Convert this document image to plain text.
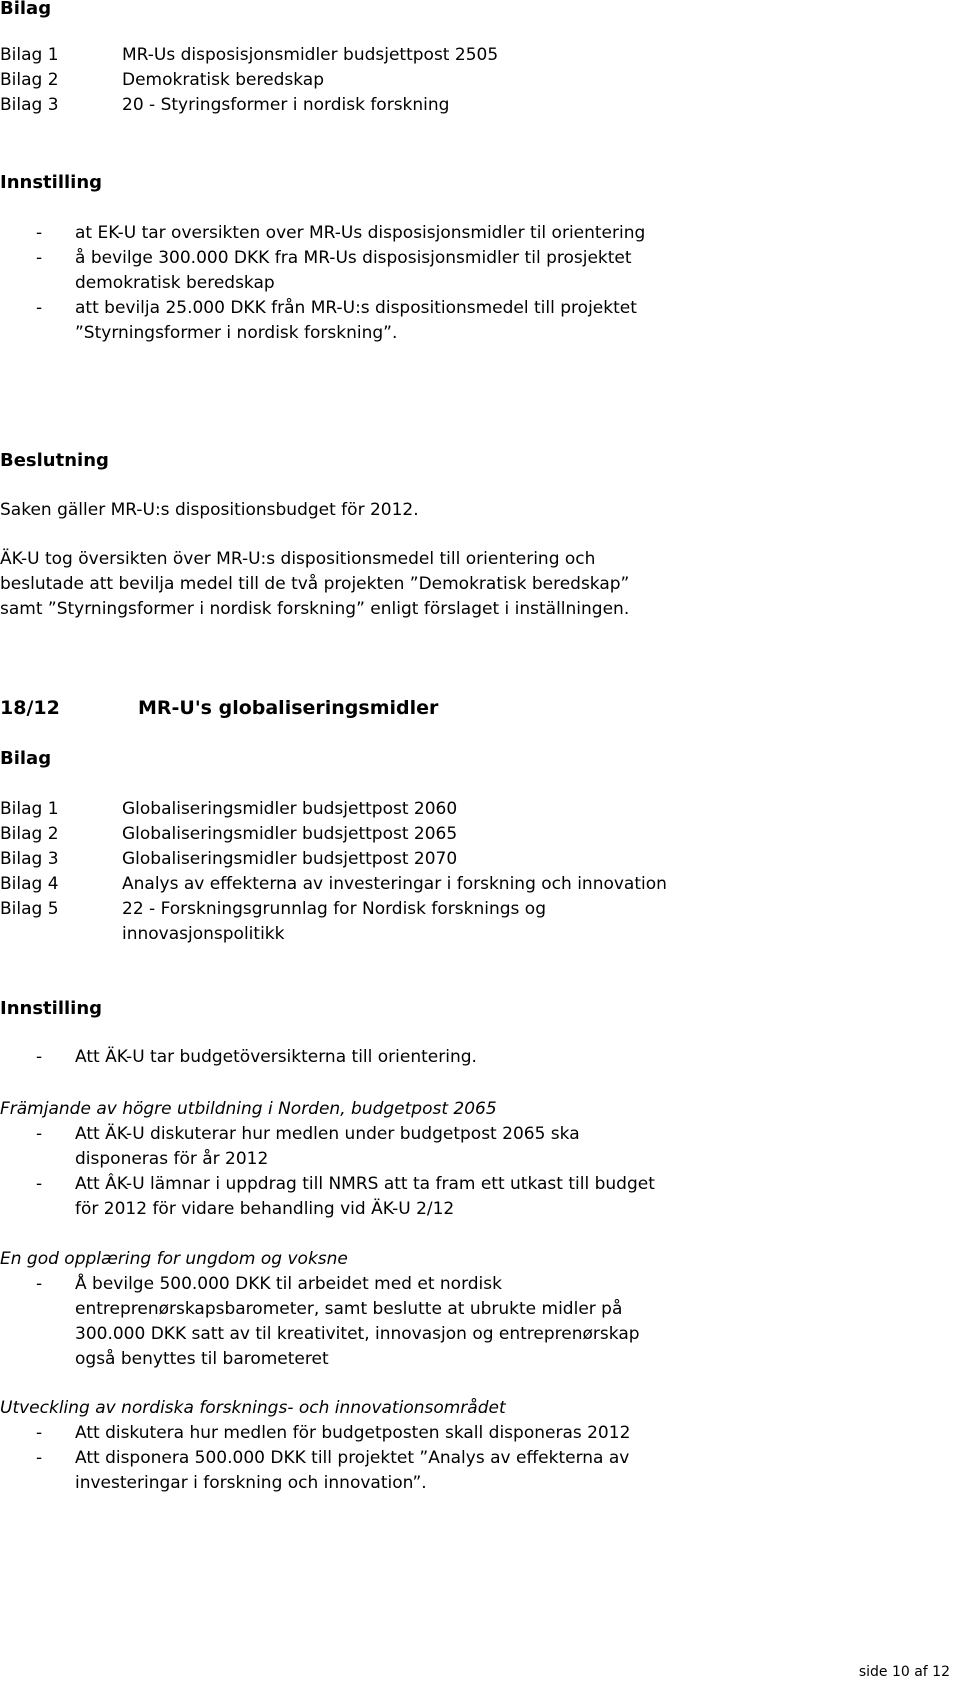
Bilag
Bilag 1	MR-Us disposisjonsmidler budsjettpost 2505
Bilag 2	Demokratisk beredskap
Bilag 3	20 - Styringsformer i nordisk forskning
Innstilling
- at EK-U tar oversikten over MR-Us disposisjonsmidler til orientering
- å bevilge 300.000 DKK fra MR-Us disposisjonsmidler til prosjektet
demokratisk beredskap
- att bevilja 25.000 DKK från MR-U:s dispositionsmedel till projektet
”Styrningsformer i nordisk forskning”.
Beslutning
Saken gäller MR-U:s dispositionsbudget för 2012.
ÄK-U tog översikten över MR-U:s dispositionsmedel till orientering och
beslutade att bevilja medel till de två projekten ”Demokratisk beredskap”
samt ”Styrningsformer i nordisk forskning” enligt förslaget i inställningen.
18/12	MR-U's globaliseringsmidler
Bilag
Bilag 1	Globaliseringsmidler budsjettpost 2060
Bilag 2	Globaliseringsmidler budsjettpost 2065
Bilag 3	Globaliseringsmidler budsjettpost 2070
Bilag 4	Analys av effekterna av investeringar i forskning och innovation
Bilag 5	22 - Forskningsgrunnlag for Nordisk forsknings og
innovasjonspolitikk
Innstilling
- Att ÄK-U tar budgetöversikterna till orientering.
Främjande av högre utbildning i Norden, budgetpost 2065
- Att ÄK-U diskuterar hur medlen under budgetpost 2065 ska
disponeras för år 2012
- Att ÂK-U lämnar i uppdrag till NMRS att ta fram ett utkast till budget
för 2012 för vidare behandling vid ÄK-U 2/12
En god opplæring for ungdom og voksne
- Å bevilge 500.000 DKK til arbeidet med et nordisk
entreprenørskapsbarometer, samt beslutte at ubrukte midler på
300.000 DKK satt av til kreativitet, innovasjon og entreprenørskap
også benyttes til barometeret
Utveckling av nordiska forsknings- och innovationsområdet
- Att diskutera hur medlen för budgetposten skall disponeras 2012
- Att disponera 500.000 DKK till projektet ”Analys av effekterna av
investeringar i forskning och innovation”.
side 10 af 12
